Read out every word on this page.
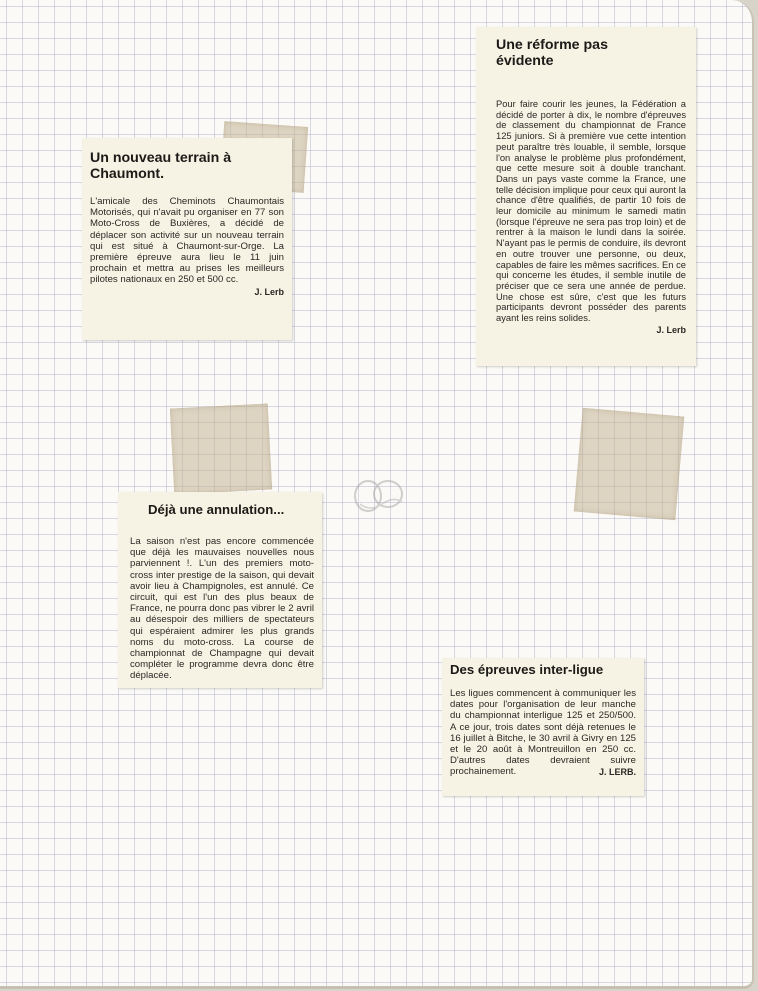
Un nouveau terrain à Chaumont.

L'amicale des Cheminots Chaumontais Motorisés, qui n'avait pu organiser en 77 son Moto-Cross de Buxières, a décidé de déplacer son activité sur un nouveau terrain qui est situé à Chaumont-sur-Orge. La première épreuve aura lieu le 11 juin prochain et mettra au prises les meilleurs pilotes nationaux en 250 et 500 cc.

J. Lerb
Une réforme pas évidente

Pour faire courir les jeunes, la Fédération a décidé de porter à dix, le nombre d'épreuves de classement du championnat de France 125 juniors. Si à première vue cette intention peut paraître très louable, il semble, lorsque l'on analyse le problème plus profondément, que cette mesure soit à double tranchant. Dans un pays vaste comme la France, une telle décision implique pour ceux qui auront la chance d'être qualifiés, de partir 10 fois de leur domicile au minimum le samedi matin (lorsque l'épreuve ne sera pas trop loin) et de rentrer à la maison le lundi dans la soirée. N'ayant pas le permis de conduire, ils devront en outre trouver une personne, ou deux, capables de faire les mêmes sacrifices. En ce qui concerne les études, il semble inutile de préciser que ce sera une année de perdue. Une chose est sûre, c'est que les futurs participants devront posséder des parents ayant les reins solides.

J. Lerb
Déjà une annulation...

La saison n'est pas encore commencée que déjà les mauvaises nouvelles nous parviennent !. L'un des premiers moto-cross inter prestige de la saison, qui devait avoir lieu à Champignoles, est annulé. Ce circuit, qui est l'un des plus beaux de France, ne pourra donc pas vibrer le 2 avril au désespoir des milliers de spectateurs qui espéraient admirer les plus grands noms du moto-cross. La course de championnat de Champagne qui devait compléter le programme devra donc être déplacée.	Des épreuves inter-ligue

Les ligues commencent à communiquer les dates pour l'organisation de leur manche du championnat interligue 125 et 250/500. A ce jour, trois dates sont déjà retenues le 16 juillet à Bitche, le 30 avril à Givry en 125 et le 20 août à Montreuillon en 250 cc. D'autres dates devraient suivre prochainement.	J. LERB.
